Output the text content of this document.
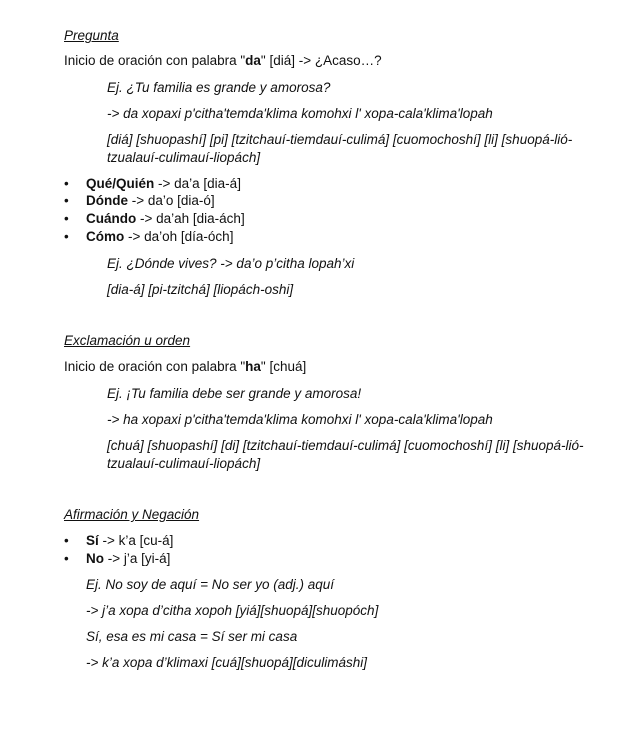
Pregunta
Inicio de oración con palabra "da" [diá] -> ¿Acaso…?
Ej. ¿Tu familia es grande y amorosa?
-> da xopaxi p'citha'temda'klima komohxi l' xopa-cala'klima'lopah
[diá] [shuopashí] [pi] [tzitchauí-tiemdauí-culimá] [cuomochoshí] [li] [shuopá-lió-
tzualauí-culimauí-liopách]
• Qué/Quién -> da’a [dia-á]
• Dónde -> da’o [dia-ó]
• Cuándo -> da’ah [dia-ách]
• Cómo -> da’oh [día-óch]
Ej. ¿Dónde vives? -> da’o p’citha lopah’xi
[dia-á] [pi-tzitchá] [liopách-oshi]
Exclamación u orden
Inicio de oración con palabra "ha" [chuá]
Ej. ¡Tu familia debe ser grande y amorosa!
-> ha xopaxi p'citha'temda'klima komohxi l' xopa-cala'klima'lopah
[chuá] [shuopashí] [di] [tzitchauí-tiemdauí-culimá] [cuomochoshí] [li] [shuopá-lió-
tzualauí-culimauí-liopách]
Afirmación y Negación
• Sí -> k’a [cu-á]
• No -> j’a [yi-á]
Ej. No soy de aquí = No ser yo (adj.) aquí
-> j’a xopa d’citha xopoh [yiá][shuopá][shuopóch]
Sí, esa es mi casa = Sí ser mi casa
-> k’a xopa d’klimaxi [cuá][shuopá][diculimáshi]
